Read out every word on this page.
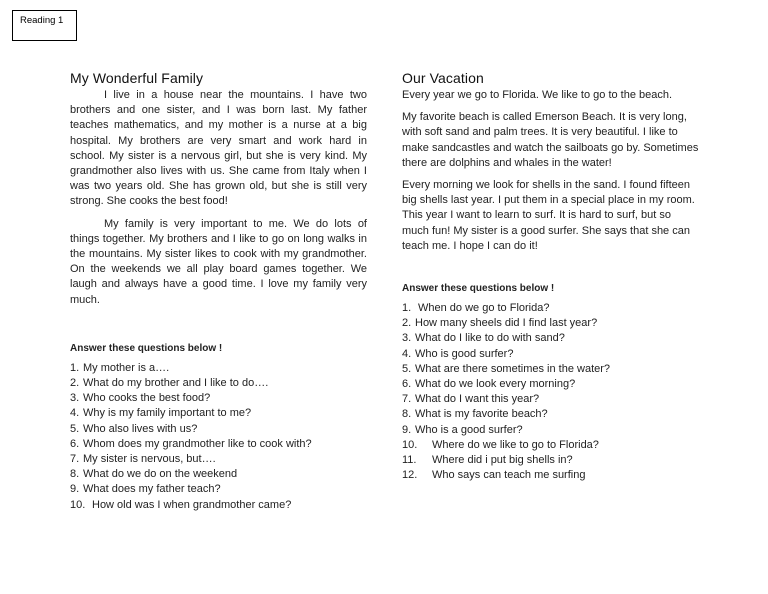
Reading 1
My Wonderful Family

I live in a house near the mountains. I have two brothers and one sister, and I was born last. My father teaches mathematics, and my mother is a nurse at a big hospital. My brothers are very smart and work hard in school. My sister is a nervous girl, but she is very kind. My grandmother also lives with us. She came from Italy when I was two years old. She has grown old, but she is still very strong. She cooks the best food!

My family is very important to me. We do lots of things together. My brothers and I like to go on long walks in the mountains. My sister likes to cook with my grandmother. On the weekends we all play board games together. We laugh and always have a good time. I love my family very much.

Answer these questions below !
1. My mother is a….
2. What do my brother and I like to do….
3. Who cooks the best food?
4. Why is my family important to me?
5. Who also lives with us?
6. Whom does my grandmother like to cook with?
7. My sister is nervous, but….
8. What do we do on the weekend
9. What does my father teach?
10. How old was I when grandmother came?
Our Vacation

Every year we go to Florida. We like to go to the beach.

My favorite beach is called Emerson Beach. It is very long, with soft sand and palm trees. It is very beautiful. I like to make sandcastles and watch the sailboats go by. Sometimes there are dolphins and whales in the water!

Every morning we look for shells in the sand. I found fifteen big shells last year. I put them in a special place in my room. This year I want to learn to surf. It is hard to surf, but so much fun! My sister is a good surfer. She says that she can teach me. I hope I can do it!

Answer these questions below !
1. When do we go to Florida?
2. How many sheels did I find last year?
3. What do I like to do with sand?
4. Who is good surfer?
5. What are there sometimes in the water?
6. What do we look every morning?
7. What do I want this year?
8. What is my favorite beach?
9. Who is a good surfer?
10. Where do we like to go to Florida?
11. Where did i put big shells in?
12. Who says can teach me surfing
